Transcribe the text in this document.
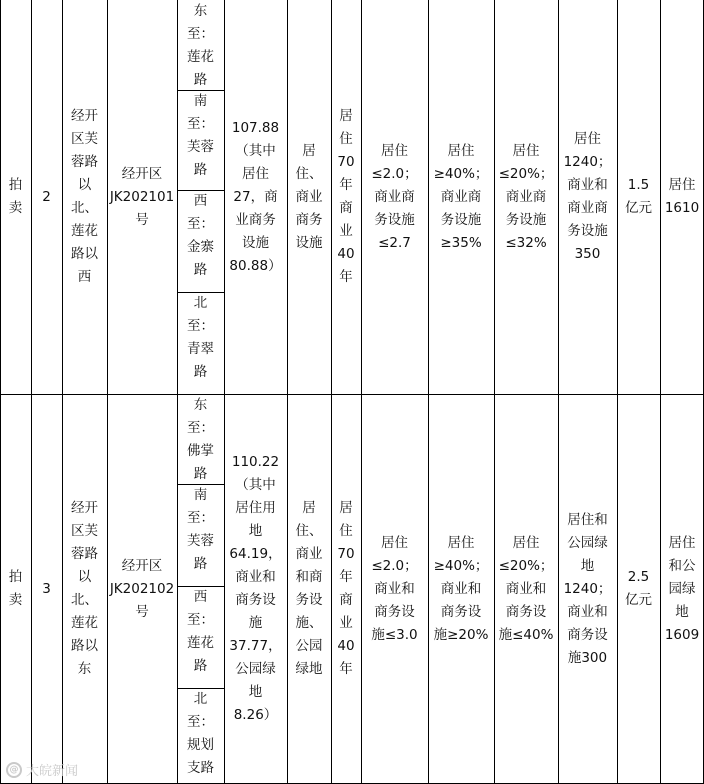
拍
卖
2
经开
区芙
蓉路
以
北、
莲花
路以
西
经开区
JK202101
号
东
至：
莲花
路
南
至：
芙蓉
路
西
至：
金寨
路
北
至：
青翠
路
107.88
（其中
居住
27，商
业商务
设施
80.88）
居
住、
商业
商务
设施
居
住
70
年
商
业
40
年
居住
≤2.0；
商业商
务设施
≤2.7
居住
≥40%；
商业商
务设施
≥35%
居住
≤20%；
商业商
务设施
≤32%
居住
1240；
商业和
商业商
务设施
350
1.5
亿元
居住
1610
拍
卖
3
经开
区芙
蓉路
以
北、
莲花
路以
东
经开区
JK202102
号
东
至：
佛掌
路
南
至：
芙蓉
路
西
至：
莲花
路
北
至：
规划
支路
110.22
（其中
居住用
地
64.19，
商业和
商务设
施
37.77，
公园绿
地
8.26）
居
住、
商业
和商
务设
施、
公园
绿地
居
住
70
年
商
业
40
年
居住
≤2.0；
商业和
商务设
施≤3.0
居住
≥40%；
商业和
商务设
施≥20%
居住
≤20%；
商业和
商务设
施≤40%
居住和
公园绿
地
1240；
商业和
商务设
施300
2.5
亿元
居住
和公
园绿
地
1609
@ 大皖新闻
